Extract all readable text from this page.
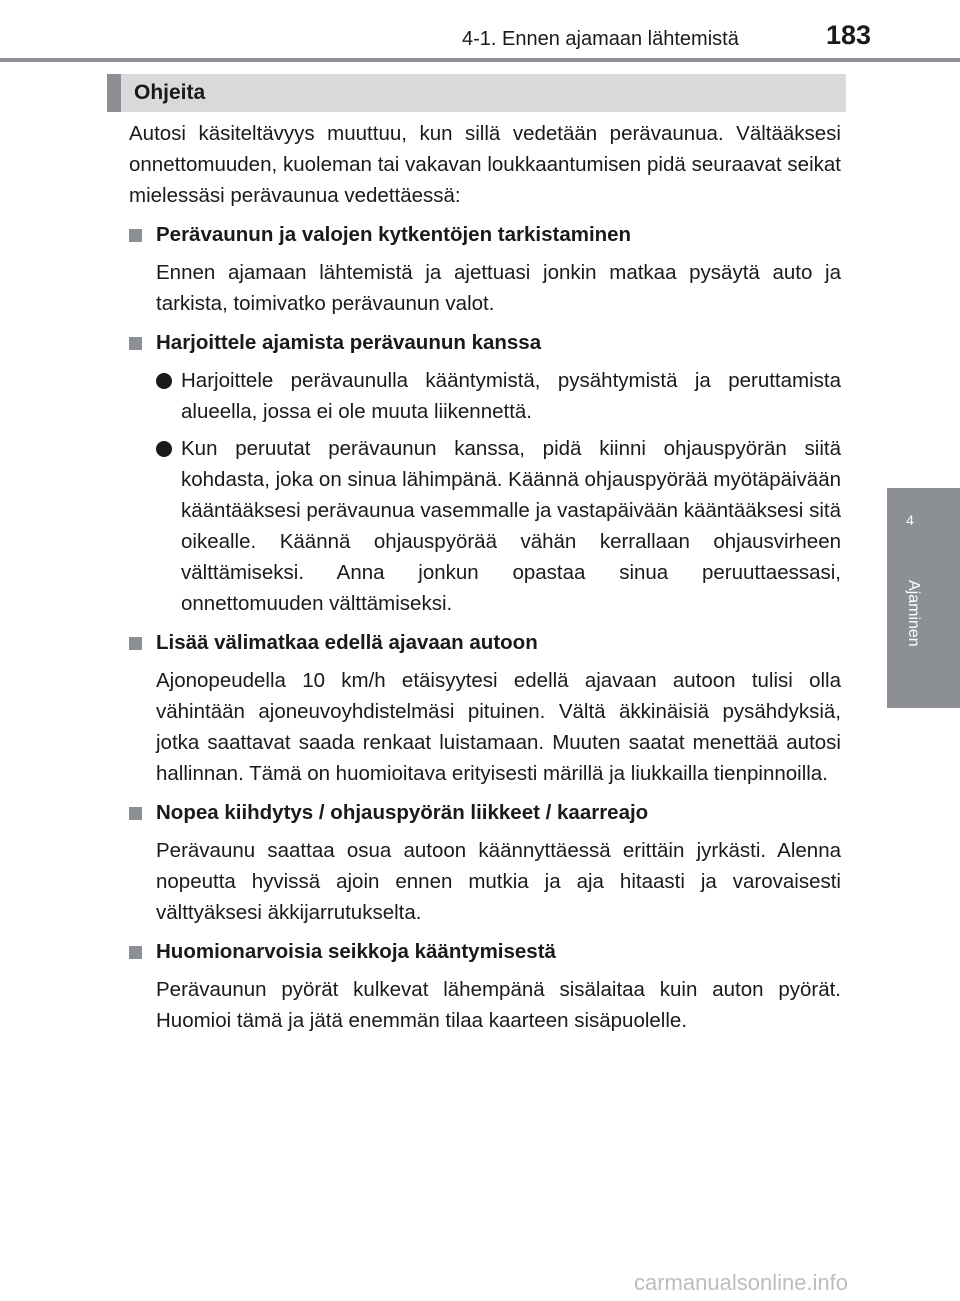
4-1. Ennen ajamaan lähtemistä	183
4
Ajaminen
Ohjeita

Autosi käsiteltävyys muuttuu, kun sillä vedetään perävaunua. Vältääksesi onnettomuuden, kuoleman tai vakavan loukkaantumisen pidä seuraavat seikat mielessäsi perävaunua vedettäessä:

Perävaunun ja valojen kytkentöjen tarkistaminen

Ennen ajamaan lähtemistä ja ajettuasi jonkin matkaa pysäytä auto ja tarkista, toimivatko perävaunun valot.

Harjoittele ajamista perävaunun kanssa

Harjoittele perävaunulla kääntymistä, pysähtymistä ja peruttamista alueella, jossa ei ole muuta liikennettä.

Kun peruutat perävaunun kanssa, pidä kiinni ohjauspyörän siitä kohdasta, joka on sinua lähimpänä. Käännä ohjauspyörää myötäpäivään kääntääksesi perävaunua vasemmalle ja vastapäivään kääntääksesi sitä oikealle. Käännä ohjauspyörää vähän kerrallaan ohjausvirheen välttämiseksi. Anna jonkun opastaa sinua peruuttaessasi, onnettomuuden välttämiseksi.

Lisää välimatkaa edellä ajavaan autoon

Ajonopeudella 10 km/h etäisyytesi edellä ajavaan autoon tulisi olla vähintään ajoneuvoyhdistelmäsi pituinen. Vältä äkkinäisiä pysähdyksiä, jotka saattavat saada renkaat luistamaan. Muuten saatat menettää autosi hallinnan. Tämä on huomioitava erityisesti märillä ja liukkailla tienpinnoilla.

Nopea kiihdytys / ohjauspyörän liikkeet / kaarreajo

Perävaunu saattaa osua autoon käännyttäessä erittäin jyrkästi. Alenna nopeutta hyvissä ajoin ennen mutkia ja aja hitaasti ja varovaisesti välttyäksesi äkkijarrutukselta.

Huomionarvoisia seikkoja kääntymisestä

Perävaunun pyörät kulkevat lähempänä sisälaitaa kuin auton pyörät. Huomioi tämä ja jätä enemmän tilaa kaarteen sisäpuolelle.

carmanualsonline.info
